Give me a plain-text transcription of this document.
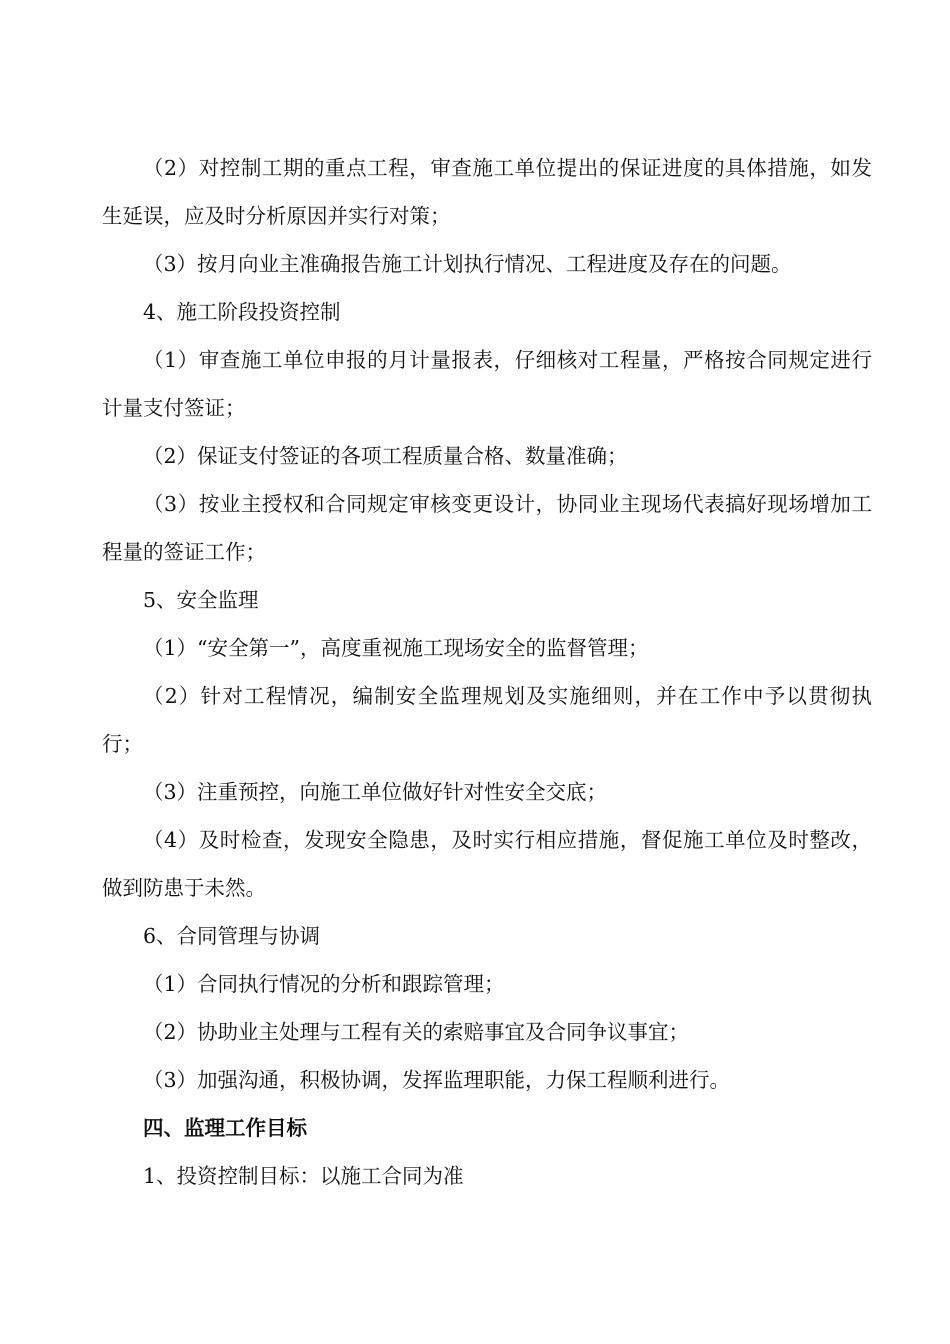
（2）对控制工期的重点工程，审查施工单位提出的保证进度的具体措施，如发生延误，应及时分析原因并实行对策；

（3）按月向业主准确报告施工计划执行情况、工程进度及存在的问题。

4、施工阶段投资控制

（1）审查施工单位申报的月计量报表，仔细核对工程量，严格按合同规定进行计量支付签证；

（2）保证支付签证的各项工程质量合格、数量准确；

（3）按业主授权和合同规定审核变更设计，协同业主现场代表搞好现场增加工程量的签证工作；

5、安全监理

（1）“安全第一”，高度重视施工现场安全的监督管理；

（2）针对工程情况，编制安全监理规划及实施细则，并在工作中予以贯彻执行；

（3）注重预控，向施工单位做好针对性安全交底；

（4）及时检查，发现安全隐患，及时实行相应措施，督促施工单位及时整改，做到防患于未然。

6、合同管理与协调

（1）合同执行情况的分析和跟踪管理；

（2）协助业主处理与工程有关的索赔事宜及合同争议事宜；

（3）加强沟通，积极协调，发挥监理职能，力保工程顺利进行。

四、监理工作目标

1、投资控制目标：以施工合同为准
